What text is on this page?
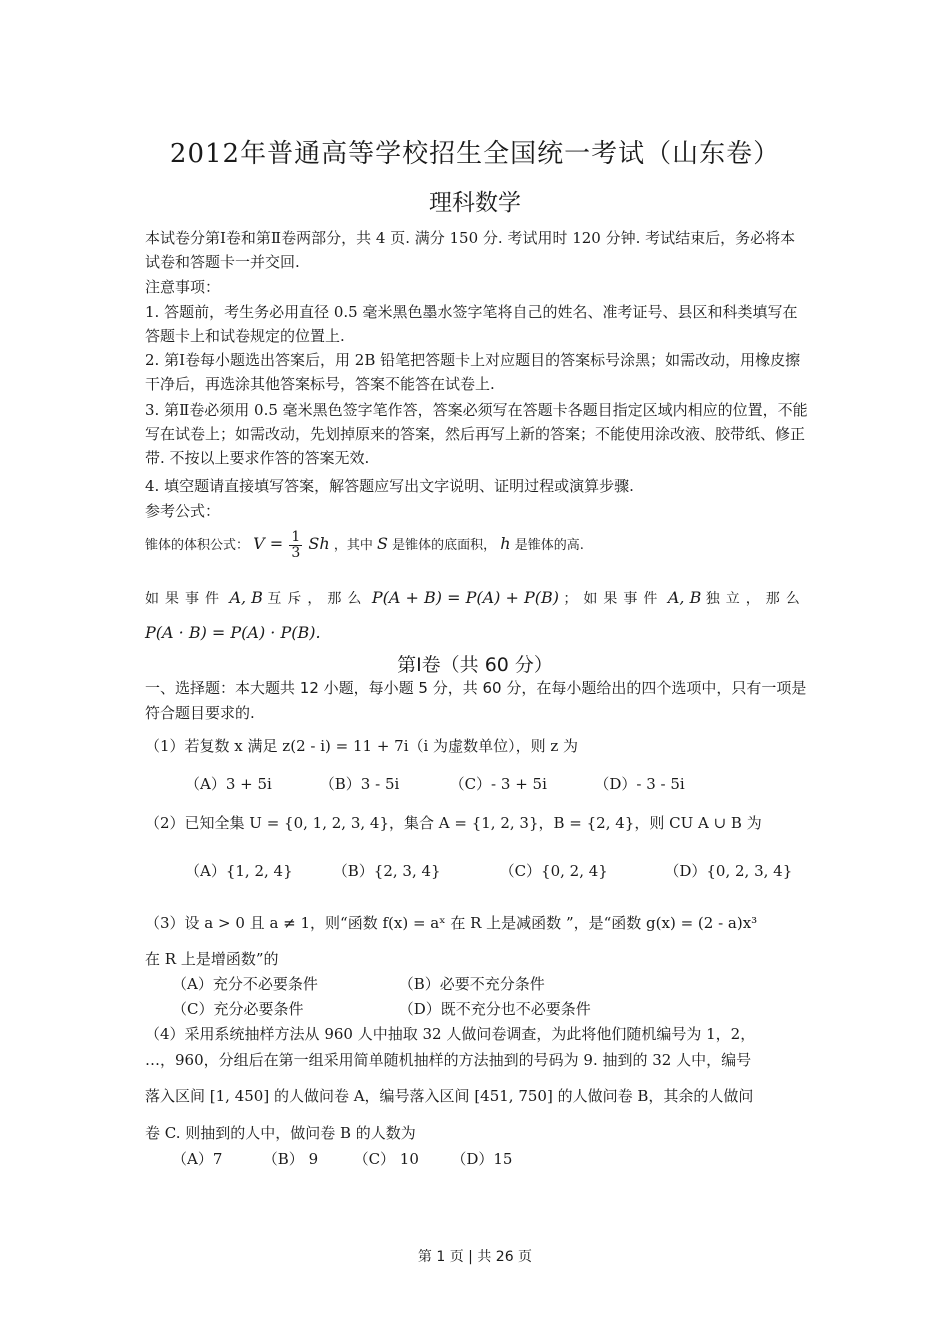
2012年普通高等学校招生全国统一考试（山东卷）
理科数学
本试卷分第Ⅰ卷和第Ⅱ卷两部分，共 4 页. 满分 150 分. 考试用时 120 分钟. 考试结束后，务必将本试卷和答题卡一并交回.
注意事项：
1. 答题前，考生务必用直径 0.5 毫米黑色墨水签字笔将自己的姓名、准考证号、县区和科类填写在答题卡上和试卷规定的位置上.
2. 第Ⅰ卷每小题选出答案后，用 2B 铅笔把答题卡上对应题目的答案标号涂黑；如需改动，用橡皮擦干净后，再选涂其他答案标号，答案不能答在试卷上.
3. 第Ⅱ卷必须用 0.5 毫米黑色签字笔作答，答案必须写在答题卡各题目指定区域内相应的位置，不能写在试卷上；如需改动，先划掉原来的答案，然后再写上新的答案；不能使用涂改液、胶带纸、修正带. 不按以上要求作答的答案无效.
4. 填空题请直接填写答案，解答题应写出文字说明、证明过程或演算步骤.
参考公式：
锥体的体积公式： $V = \frac{1}{3}$ Sh ，其中 S 是锥体的底面积， h 是锥体的高.
如果事件 A, B 互斥，那么 P(A + B) = P(A) + P(B) ；如果事件 A, B 独立，那么
P(A · B) = P(A) · P(B).
第Ⅰ卷（共 60 分）
一、选择题：本大题共 12 小题，每小题 5 分，共 60 分，在每小题给出的四个选项中，只有一项是符合题目要求的.
（1）若复数 x 满足 z(2 - i) = 11 + 7i（i 为虚数单位），则 z 为
（A）3 + 5i	（B）3 - 5i	（C）- 3 + 5i	（D）- 3 - 5i
（2）已知全集 U = {0, 1, 2, 3, 4}，集合 A = {1, 2, 3}，B = {2, 4}，则 CU A ∪ B 为
（A）{1, 2, 4}	（B）{2, 3, 4}	（C）{0, 2, 4}	（D）{0, 2, 3, 4}
（3）设 a > 0 且 a ≠ 1，则“函数 f(x) = aˣ 在 R 上是减函数 ”，是“函数 g(x) = (2 - a)x³
在 R 上是增函数”的
（A）充分不必要条件	（B）必要不充分条件
（C）充分必要条件	（D）既不充分也不必要条件
（4）采用系统抽样方法从 960 人中抽取 32 人做问卷调查，为此将他们随机编号为 1，2，
…，960，分组后在第一组采用简单随机抽样的方法抽到的号码为 9. 抽到的 32 人中，编号
落入区间 [1, 450] 的人做问卷 A，编号落入区间 [451, 750] 的人做问卷 B，其余的人做问
卷 C. 则抽到的人中，做问卷 B 的人数为
（A）7	（B） 9 （C） 10 （D）15
第 1 页 | 共 26 页
